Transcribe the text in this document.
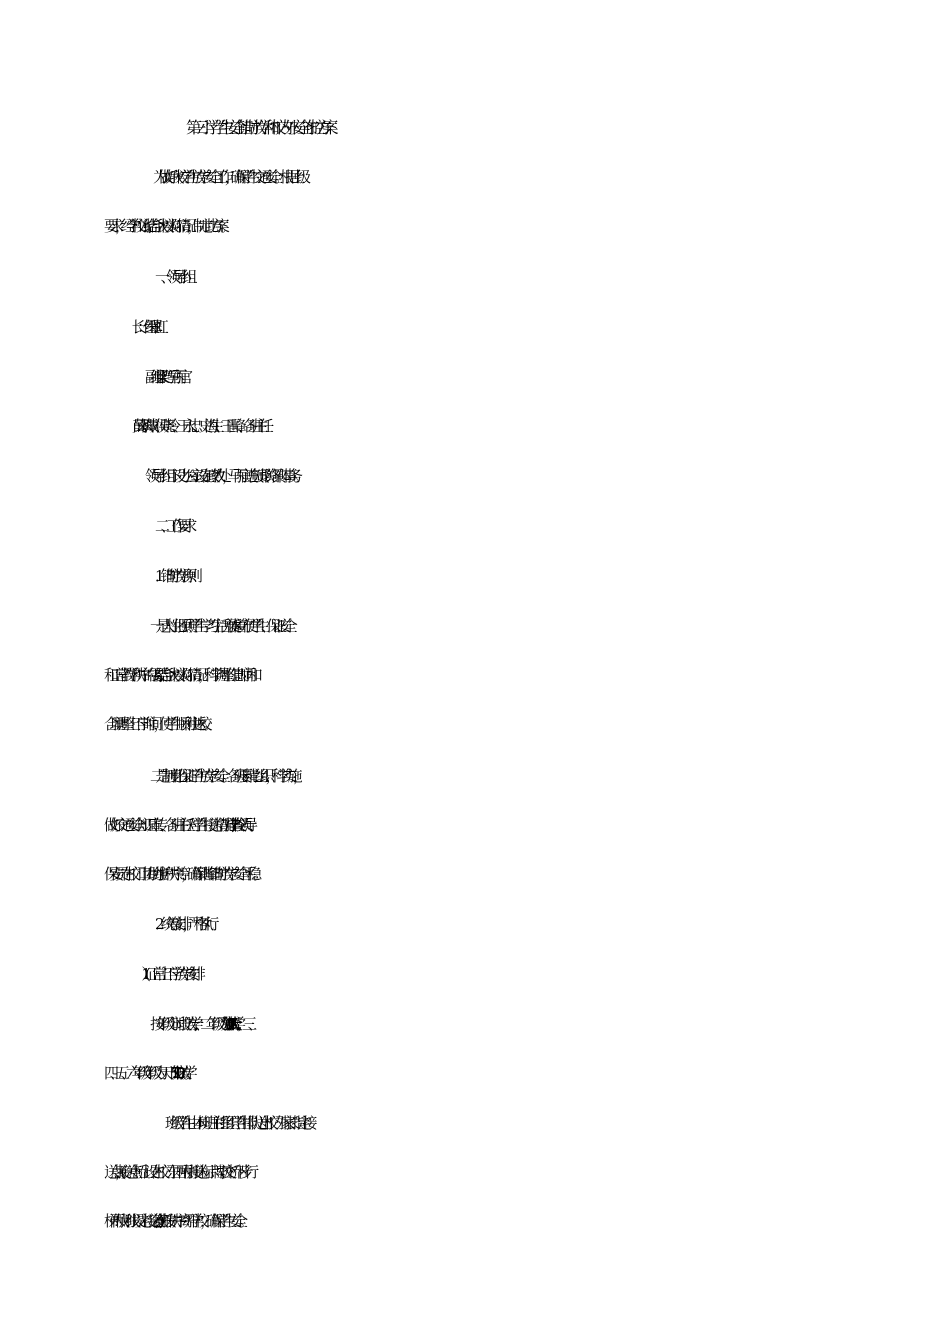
第三小学学生安全错时放学和校内外安全布控方案
为做好我校学生放学安全工作，确保学生交通安全。根据上级
要求，经学校讨论,结合我校实际情况，制定此方案。
一、领导小组
组    长：任翠虹
副组长：马丙官      梁巧兰
成    员:薛翠萍、侯晓玲、王永忠、史海生、王晋峰、各班主任
领导小组下设办公室设在政教处，马丙官进负责联络具体事务。
二、工作要求
1．错时放学原则
一是人性化照顾学生学习生活方便.本着方便学生、保证安全
和正常教学秩序的需要,结合我校实际情况，科学调整作息时间和
合理调整上下学时间，使学生顺利往返校。
二是制度化保证学生放学安全。各班要精心组织，科学实施，
做好交通安全知识宣传、各班主任对学生接送情况排查 ,学校领导、
保安员在校门口协助维护秩序等，确保错峰错时放学安全平稳。
2．统筹安排，严格执行
(1）正常上下学放学安排
按年级分时段放学,一、二年级为每天 17 点 10 分放学；三、
四、五、六年级年级为天下午 17：20 分放学 。
班级学生由本班班主任组织学生排队送出校门外家长指定接
送点，(接送点桥上设在校门东西两侧接送标示牌下,立交桥下步行
梯两侧划线设定接送点),各班按秩序离开学校，确保学生安全。
